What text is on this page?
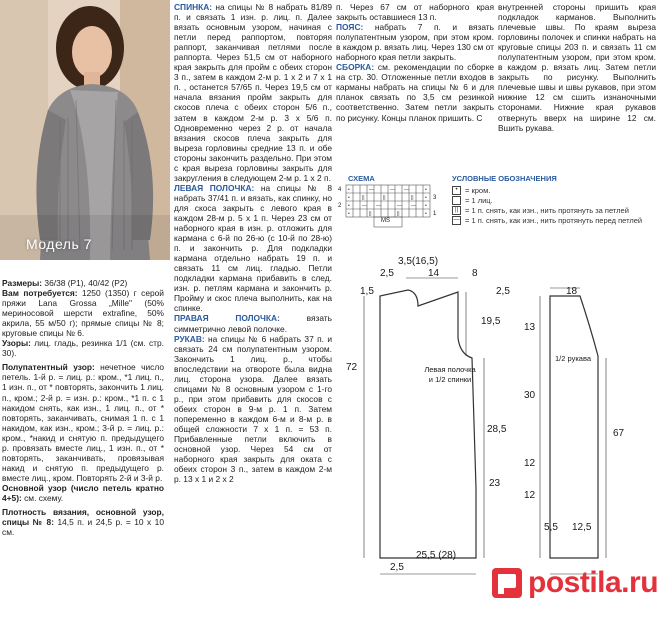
Модель 7

Размеры: 36/38 (P1), 40/42 (P2)

Вам потребуется: 1250 (1350) г серой пряжи Lana Grossa „Mille" (50% мериносовой шерсти extrafine, 50% акрила, 55 м/50 г); прямые спицы № 8; круговые спицы № 6.

Узоры: лиц. гладь, резинка 1/1 (см. стр. 30).

Полупатентный узор: нечетное число петель. 1-й р. = лиц. р.: кром., *1 лиц. п., 1 изн. п., от * повторять, закончить 1 лиц. п., кром.; 2-й р. = изн. р.: кром., *1 п. с 1 накидом снять, как изн., 1 лиц. п., от * повторять, заканчивать, снимая 1 п. с 1 накидом, как изн., кром.; 3-й р. = лиц. р.: кром., *накид и снятую п. предыдущего р. провязать вместе лиц., 1 изн. п., от * повторять, заканчивать, провязывая накид и снятую п. предыдущего р. вместе лиц., кром. Повторять 2-й и 3-й р.

Основной узор (число петель кратно 4+5): см. схему.

Плотность вязания, основной узор, спицы № 8: 14,5 п. и 24,5 р. = 10 х 10 см.

СПИНКА: на спицы № 8 набрать 81/89 п. и связать 1 изн. р. лиц. п. Далее вязать основным узором, начиная с петли перед раппортом, повторяя раппорт, заканчивая петлями после раппорта. Через 51,5 см от наборного края закрыть для пройм с обеих сторон 3 п., затем в каждом 2-м р. 1 х 2 и 7 х 1 п. , останется 57/65 п. Через 19,5 см от начала вязания пройм закрыть для скосов плеча с обеих сторон 5/6 п., затем в каждом 2-м р. 3 х 5/6 п. Одновременно через 2 р. от начала вязания скосов плеча закрыть для выреза горловины средние 13 п. и обе стороны закончить раздельно. При этом с края выреза горловины закрыть для закругления в следующем 2-м р. 1 х 2 п.

ЛЕВАЯ ПОЛОЧКА: на спицы № 8 набрать 37/41 п. и вязать, как спинку, но для скоса закрыть с левого края в каждом 28-м р. 5 х 1 п. Через 23 см от наборного края в изн. р. отложить для кармана с 6-й по 26-ю (с 10-й по 28-ю) п. и закончить р. Для подкладки кармана отдельно набрать 19 п. и связать 11 см лиц. гладью. Петли подкладки кармана прибавить в след. изн. р. петлям кармана и закончить р. Пройму и скос плеча выполнить, как на спинке.

ПРАВАЯ ПОЛОЧКА: вязать симметрично левой полочке.

РУКАВ: на спицы № 6 набрать 37 п. и связать 24 см полупатентным узором. Закончить 1 лиц. р., чтобы впоследствии на отвороте была видна лиц. сторона узора. Далее вязать спицами № 8 основным узором с 1-го р., при этом прибавить для скосов с обеих сторон в 9-м р. 1 п. Затем попеременно в каждом 6-м и 8-м р. в общей сложности 7 х 1 п. = 53 п. Прибавленные петли включить в основной узор. Через 54 см от наборного края закрыть для оката с обеих сторон 3 п., затем в каждом 2-м р. 13 х 1 и 2 х 2

п. Через 67 см от наборного края закрыть оставшиеся 13 п.

ПОЯС: набрать 7 п. и вязать полупатентным узором, при этом кром. в каждом р. вязать лиц. Через 130 см от наборного края петли закрыть.

СБОРКА: см. рекомендации по сборке на стр. 30. Отложенные петли входов в карманы набрать на спицы № 6 и для планок связать по 3,5 см резинкой соответственно. Затем петли закрыть по рисунку. Концы планок пришить. С

внутренней стороны пришить края подкладок карманов. Выполнить плечевые швы. По краям выреза горловины полочек и спинки набрать на круговые спицы 203 п. и связать 11 см полупатентным узором, при этом кром. в каждом р. вязать лиц. Затем петли закрыть по рисунку. Выполнить плечевые швы и швы рукавов, при этом нижние 12 см сшить изнаночными сторонами. Нижние края рукавов отвернуть вверх на ширине 12 см. Вшить рукава.

СХЕМА
•	•
•	•
•	•
•	•
— —	— —
—	— —
||	||	||
||	||
4
2
3
1
MS
УСЛОВНЫЕ ОБОЗНАЧЕНИЯ
• = кром.
= 1 лиц.
|| = 1 п. снять, как изн., нить протянуть за петлей
— = 1 п. снять, как изн., нить протянуть перед петлей
Левая полочка
и 1/2 спинки
1/2 рукава
3,5(16,5)
2,5	14	8
1,5	2,5
19,5
72
28,5
23
25,5 (28)
2,5
18
13
67
30
12
12
5,5 12,5
postila.ru
